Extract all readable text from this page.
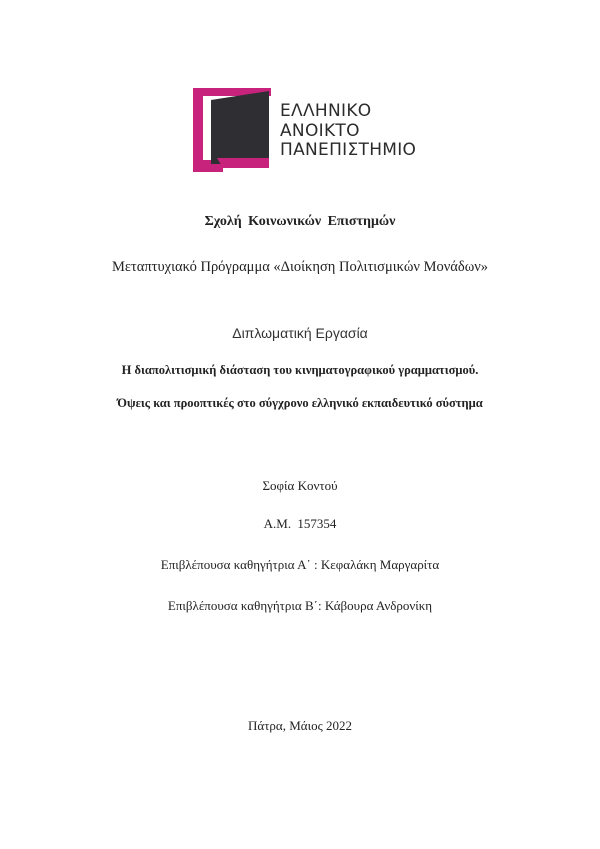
ΕΛΛΗΝΙΚΟ
ΑΝΟΙΚΤΟ
ΠΑΝΕΠΙΣΤΗΜΙΟ
Σχολή Κοινωνικών Επιστημών
Μεταπτυχιακό Πρόγραμμα «Διοίκηση Πολιτισμικών Μονάδων»
Διπλωματική Εργασία
Η διαπολιτισμική διάσταση του κινηματογραφικού γραμματισμού.
Όψεις και προοπτικές στο σύγχρονο ελληνικό εκπαιδευτικό σύστημα
Σοφία Κοντού
Α.Μ. 157354
Επιβλέπουσα καθηγήτρια Α΄ : Κεφαλάκη Μαργαρίτα
Επιβλέπουσα καθηγήτρια Β΄: Κάβουρα Ανδρονίκη
Πάτρα, Μάιος 2022
